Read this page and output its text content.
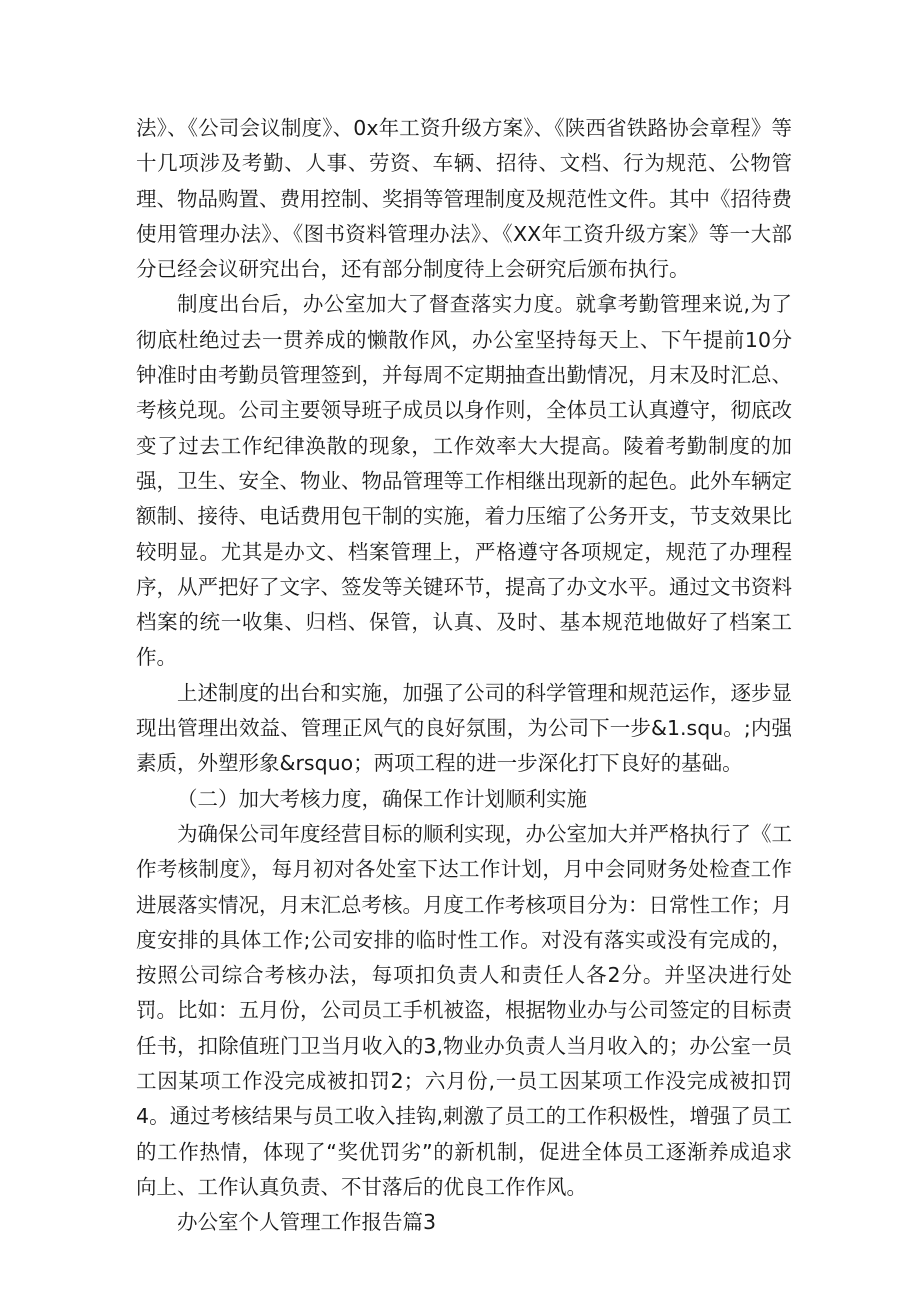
法》、《公司会议制度》、0x年工资升级方案》、《陕西省铁路协会章程》等十几项涉及考勤、人事、劳资、车辆、招待、文档、行为规范、公物管理、物品购置、费用控制、奖捐等管理制度及规范性文件。其中《招待费使用管理办法》、《图书资料管理办法》、《XX年工资升级方案》等一大部分已经会议研究出台，还有部分制度待上会研究后颁布执行。

制度出台后，办公室加大了督查落实力度。就拿考勤管理来说,为了彻底杜绝过去一贯养成的懒散作风，办公室坚持每天上、下午提前10分钟准时由考勤员管理签到，并每周不定期抽查出勤情况，月末及时汇总、考核兑现。公司主要领导班子成员以身作则，全体员工认真遵守，彻底改变了过去工作纪律涣散的现象，工作效率大大提高。陵着考勤制度的加强，卫生、安全、物业、物品管理等工作相继出现新的起色。此外车辆定额制、接待、电话费用包干制的实施，着力压缩了公务开支，节支效果比较明显。尤其是办文、档案管理上，严格遵守各项规定，规范了办理程序，从严把好了文字、签发等关键环节，提高了办文水平。通过文书资料档案的统一收集、归档、保管，认真、及时、基本规范地做好了档案工作。

上述制度的出台和实施，加强了公司的科学管理和规范运作，逐步显现出管理出效益、管理正风气的良好氛围，为公司下一步&1.squ。;内强素质，外塑形象&rsquo；两项工程的进一步深化打下良好的基础。

（二）加大考核力度，确保工作计划顺利实施

为确保公司年度经营目标的顺利实现，办公室加大并严格执行了《工作考核制度》，每月初对各处室下达工作计划，月中会同财务处检查工作进展落实情况，月末汇总考核。月度工作考核项目分为：日常性工作；月度安排的具体工作;公司安排的临时性工作。对没有落实或没有完成的，按照公司综合考核办法，每项扣负责人和责任人各2分。并坚决进行处罚。比如：五月份，公司员工手机被盗，根据物业办与公司签定的目标责任书，扣除值班门卫当月收入的3,物业办负责人当月收入的；办公室一员工因某项工作没完成被扣罚2；六月份,一员工因某项工作没完成被扣罚4。通过考核结果与员工收入挂钩,刺激了员工的工作积极性，增强了员工的工作热情，体现了“奖优罚劣”的新机制，促进全体员工逐渐养成追求向上、工作认真负责、不甘落后的优良工作作风。

办公室个人管理工作报告篇3
